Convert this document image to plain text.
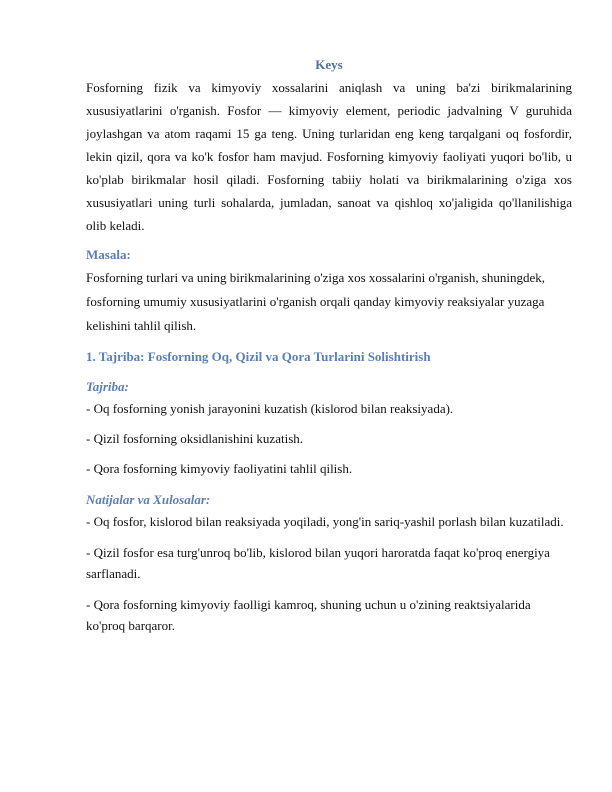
Keys

Fosforning fizik va kimyoviy xossalarini aniqlash va uning ba'zi birikmalarining xususiyatlarini o'rganish. Fosfor — kimyoviy element, periodic jadvalning V guruhida joylashgan va atom raqami 15 ga teng. Uning turlaridan eng keng tarqalgani oq fosfordir, lekin qizil, qora va ko'k fosfor ham mavjud. Fosforning kimyoviy faoliyati yuqori bo'lib, u ko'plab birikmalar hosil qiladi. Fosforning tabiiy holati va birikmalarining o'ziga xos xususiyatlari uning turli sohalarda, jumladan, sanoat va qishloq xo'jaligida qo'llanilishiga olib keladi.

Masala:

Fosforning turlari va uning birikmalarining o'ziga xos xossalarini o'rganish, shuningdek, fosforning umumiy xususiyatlarini o'rganish orqali qanday kimyoviy reaksiyalar yuzaga kelishini tahlil qilish.

1. Tajriba: Fosforning Oq, Qizil va Qora Turlarini Solishtirish
Tajriba:

- Oq fosforning yonish jarayonini kuzatish (kislorod bilan reaksiyada).

- Qizil fosforning oksidlanishini kuzatish.

- Qora fosforning kimyoviy faoliyatini tahlil qilish.

Natijalar va Xulosalar:

- Oq fosfor, kislorod bilan reaksiyada yoqiladi, yong'in sariq-yashil porlash bilan kuzatiladi.

- Qizil fosfor esa turg'unroq bo'lib, kislorod bilan yuqori haroratda faqat ko'proq energiya sarflanadi.

- Qora fosforning kimyoviy faolligi kamroq, shuning uchun u o'zining reaktsiyalarida ko'proq barqaror.
